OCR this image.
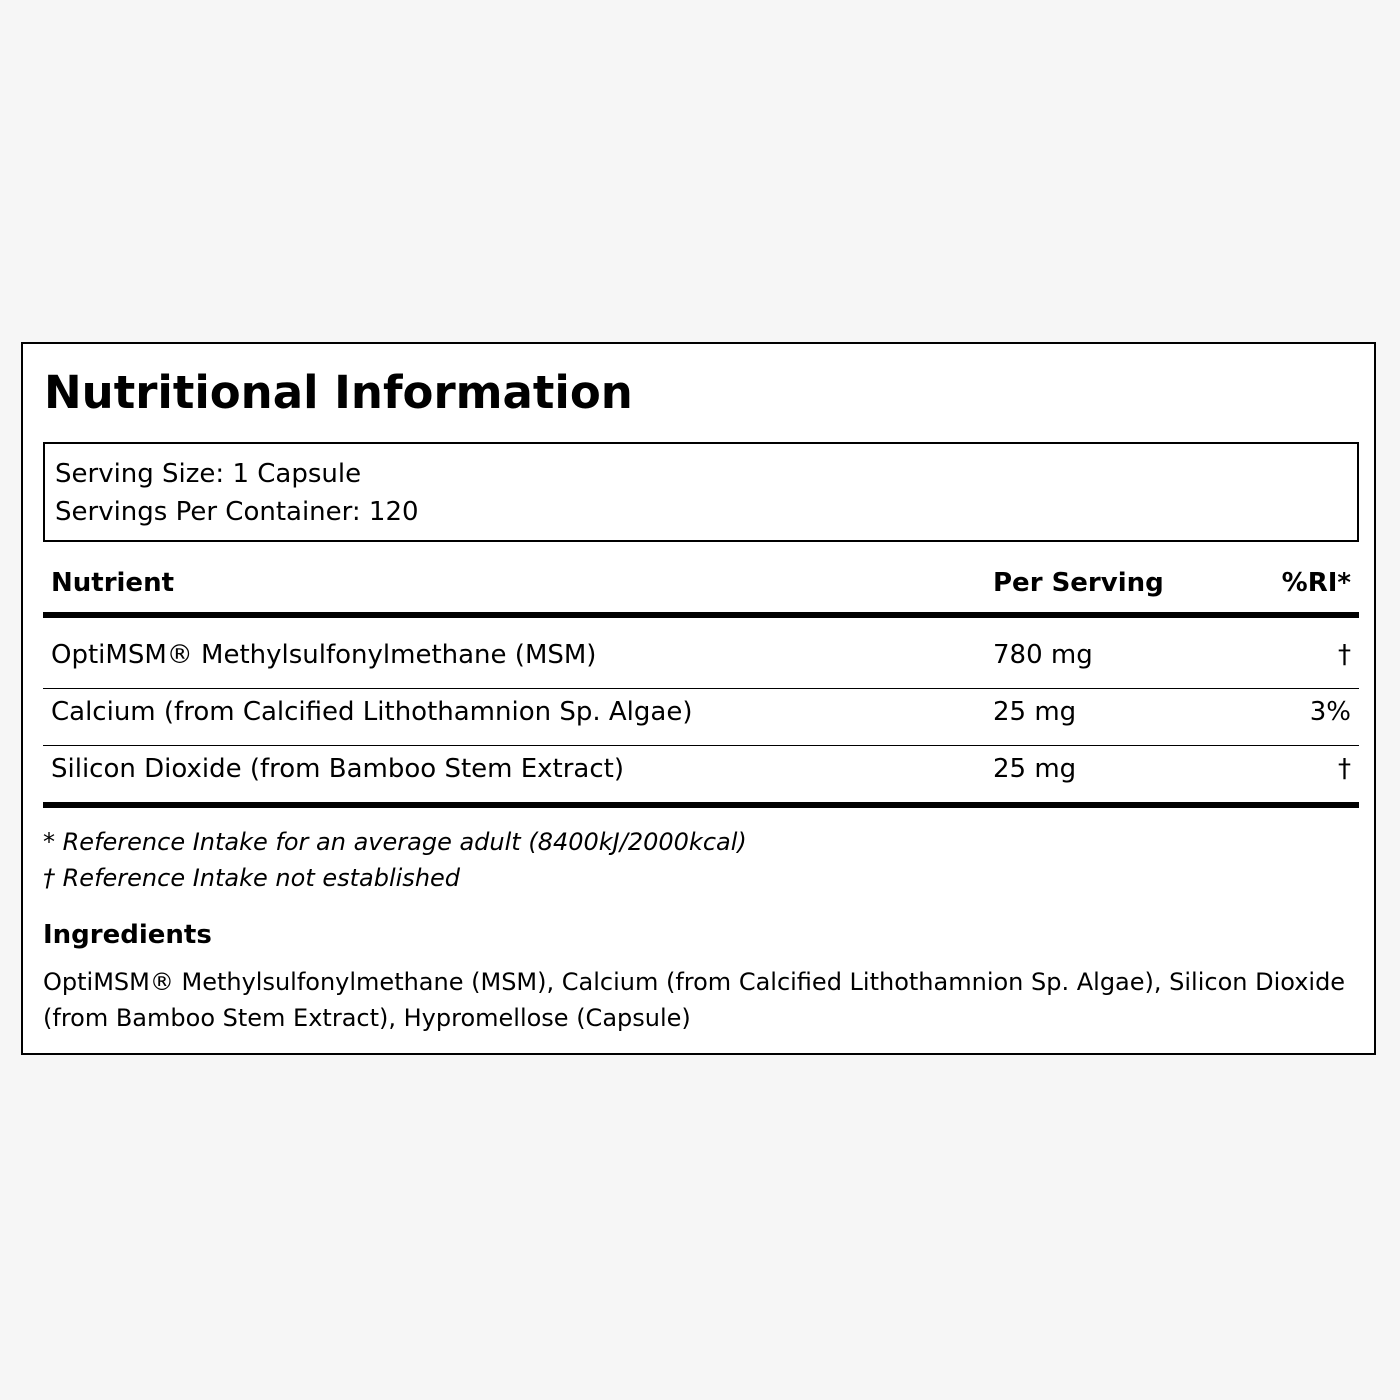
Nutritional Information
Serving Size: 1 Capsule
Servings Per Container: 120
Nutrient	Per Serving	%RI*
OptiMSM® Methylsulfonylmethane (MSM)	780 mg	†
Calcium (from Calcified Lithothamnion Sp. Algae)	25 mg	3%
Silicon Dioxide (from Bamboo Stem Extract)	25 mg	†
* Reference Intake for an average adult (8400kJ/2000kcal)
† Reference Intake not established
Ingredients

OptiMSM® Methylsulfonylmethane (MSM), Calcium (from Calcified Lithothamnion Sp. Algae), Silicon Dioxide (from Bamboo Stem Extract), Hypromellose (Capsule)
